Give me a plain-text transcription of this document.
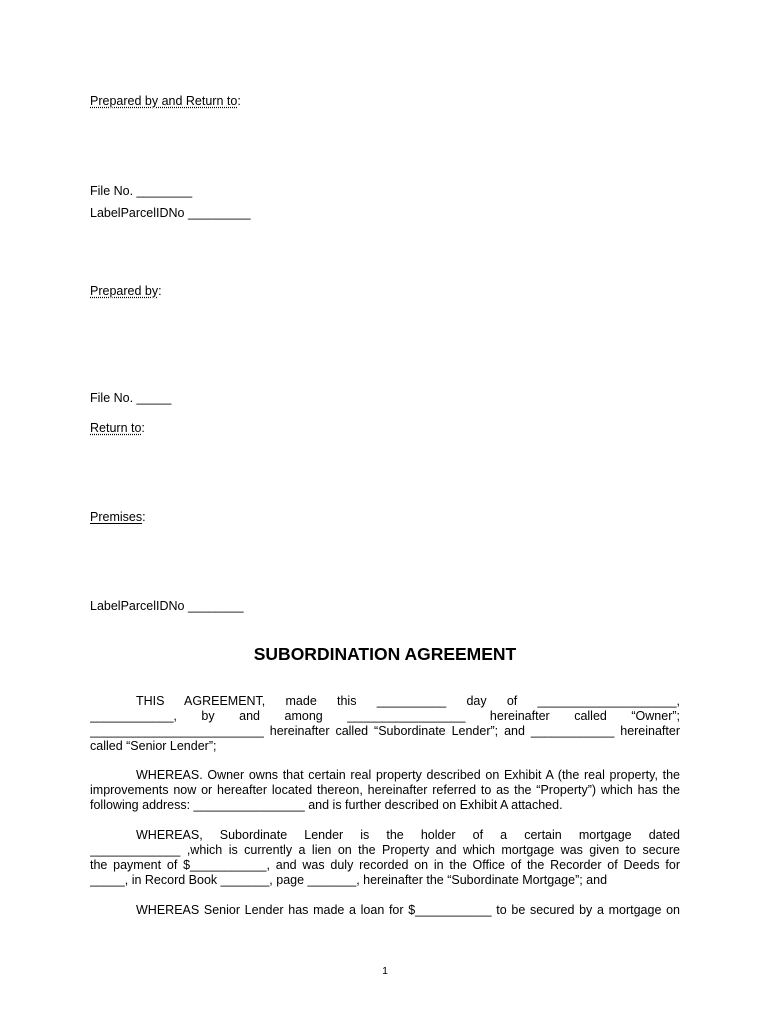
Prepared by and Return to:
File No. ________
LabelParcelIDNo _________
Prepared by:
File No. _____
Return to:
Premises:
LabelParcelIDNo ________
SUBORDINATION AGREEMENT
THIS AGREEMENT, made this __________ day of ____________________,
____________, by and among _________________ hereinafter called “Owner”;
_________________________ hereinafter called “Subordinate Lender”; and ____________ hereinafter
called “Senior Lender”;
WHEREAS. Owner owns that certain real property described on Exhibit A (the real property, the
improvements now or hereafter located thereon, hereinafter referred to as the “Property”) which has the
following address: ________________ and is further described on Exhibit A attached.
WHEREAS, Subordinate Lender is the holder of a certain mortgage dated
_____________ ,which is currently a lien on the Property and which mortgage was given to secure
the payment of $___________, and was duly recorded on in the Office of the Recorder of Deeds for
_____, in Record Book _______, page _______, hereinafter the “Subordinate Mortgage”; and
WHEREAS Senior Lender has made a loan for $___________ to be secured by a mortgage on
1
